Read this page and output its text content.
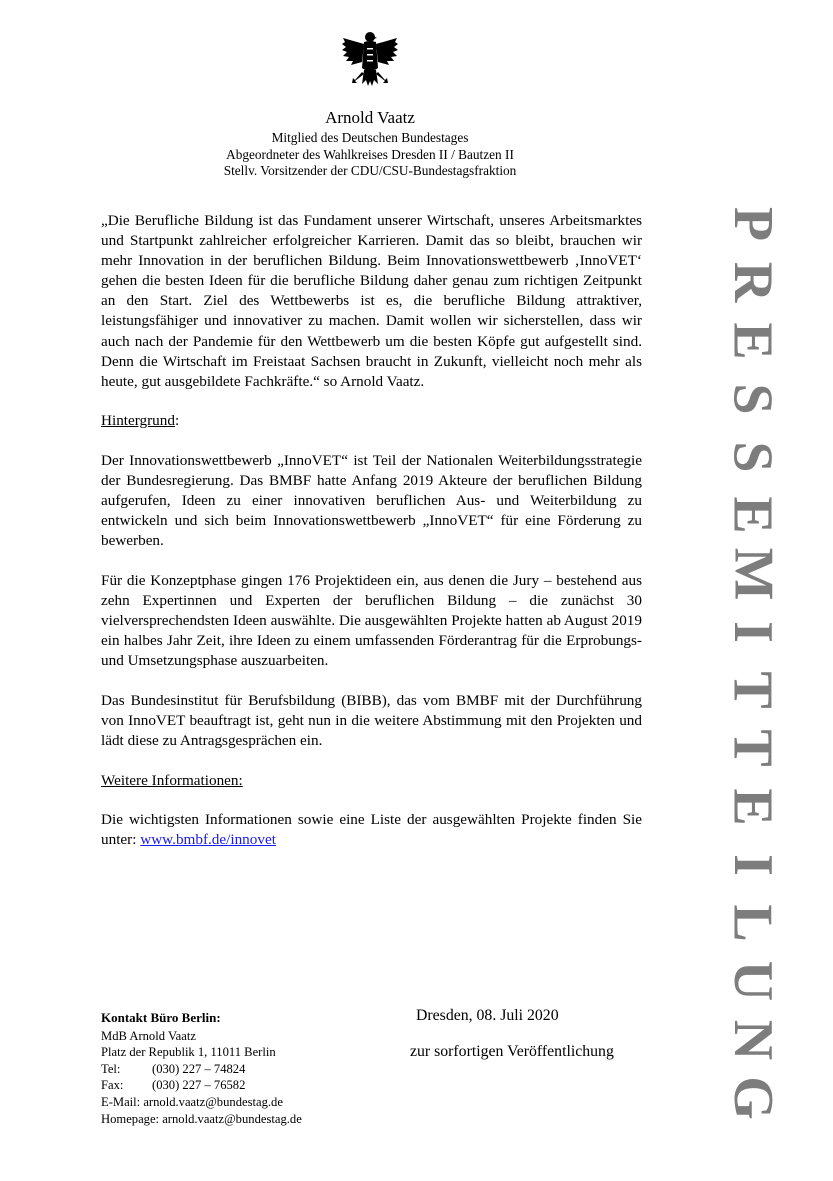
Arnold Vaatz
Mitglied des Deutschen Bundestages
Abgeordneter des Wahlkreises Dresden II / Bautzen II
Stellv. Vorsitzender der CDU/CSU-Bundestagsfraktion

„Die Berufliche Bildung ist das Fundament unserer Wirtschaft, unseres Arbeitsmarktes und Startpunkt zahlreicher erfolgreicher Karrieren. Damit das so bleibt, brauchen wir mehr Innovation in der beruflichen Bildung. Beim Innovationswettbewerb ‚InnoVET‘ gehen die besten Ideen für die berufliche Bildung daher genau zum richtigen Zeitpunkt an den Start. Ziel des Wettbewerbs ist es, die berufliche Bildung attraktiver, leistungsfähiger und innovativer zu machen. Damit wollen wir sicherstellen, dass wir auch nach der Pandemie für den Wettbewerb um die besten Köpfe gut aufgestellt sind. Denn die Wirtschaft im Freistaat Sachsen braucht in Zukunft, vielleicht noch mehr als heute, gut ausgebildete Fachkräfte.“ so Arnold Vaatz.

Hintergrund:

Der Innovationswettbewerb „InnoVET“ ist Teil der Nationalen Weiterbildungsstrategie der Bundesregierung. Das BMBF hatte Anfang 2019 Akteure der beruflichen Bildung aufgerufen, Ideen zu einer innovativen beruflichen Aus- und Weiterbildung zu entwickeln und sich beim Innovationswettbewerb „InnoVET“ für eine Förderung zu bewerben.

Für die Konzeptphase gingen 176 Projektideen ein, aus denen die Jury – bestehend aus zehn Expertinnen und Experten der beruflichen Bildung – die zunächst 30 vielversprechendsten Ideen auswählte. Die ausgewählten Projekte hatten ab August 2019 ein halbes Jahr Zeit, ihre Ideen zu einem umfassenden Förderantrag für die Erprobungs- und Umsetzungsphase auszuarbeiten.

Das Bundesinstitut für Berufsbildung (BIBB), das vom BMBF mit der Durchführung von InnoVET beauftragt ist, geht nun in die weitere Abstimmung mit den Projekten und lädt diese zu Antragsgesprächen ein.

Weitere Informationen:

Die wichtigsten Informationen sowie eine Liste der ausgewählten Projekte finden Sie unter: www.bmbf.de/innovet

Kontakt Büro Berlin:
MdB Arnold Vaatz
Platz der Republik 1, 11011 Berlin
Tel:	(030) 227 – 74824
Fax:	(030) 227 – 76582
E-Mail: arnold.vaatz@bundestag.de
Homepage: arnold.vaatz@bundestag.de
Dresden, 08. Juli 2020
zur sorfortigen Veröffentlichung
P
R
E
S
S
E
M
I
T
T
E
I
L
U
N
G
